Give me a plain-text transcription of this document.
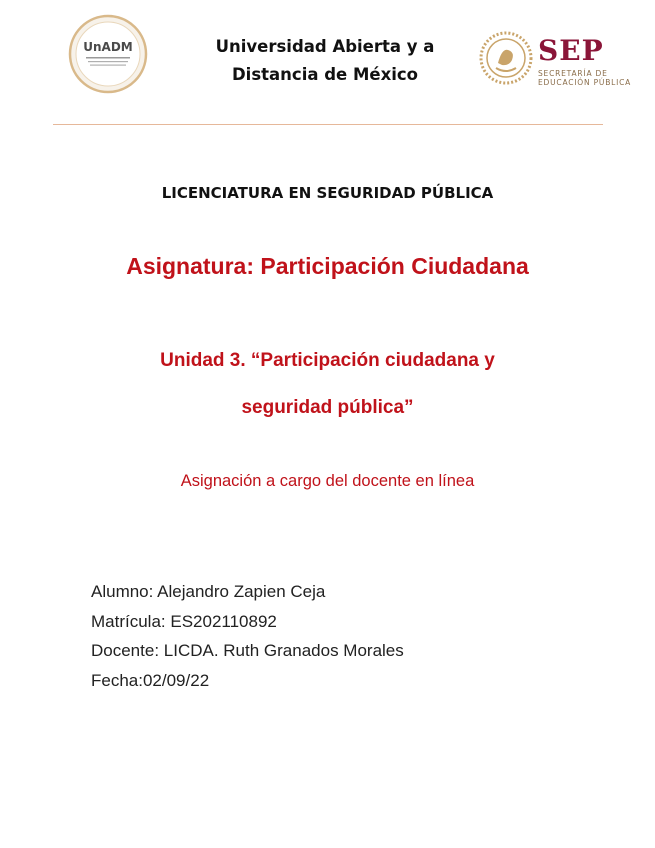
UnADM	Universidad Abierta y a
Distancia de México
SEP
SECRETARÍA DE
EDUCACIÓN PÚBLICA
LICENCIATURA EN SEGURIDAD PÚBLICA
Asignatura: Participación Ciudadana
Unidad 3. “Participación ciudadana y
seguridad pública”
Asignación a cargo del docente en línea
Alumno: Alejandro Zapien Ceja
Matrícula: ES202110892
Docente: LICDA. Ruth Granados Morales
Fecha:02/09/22
